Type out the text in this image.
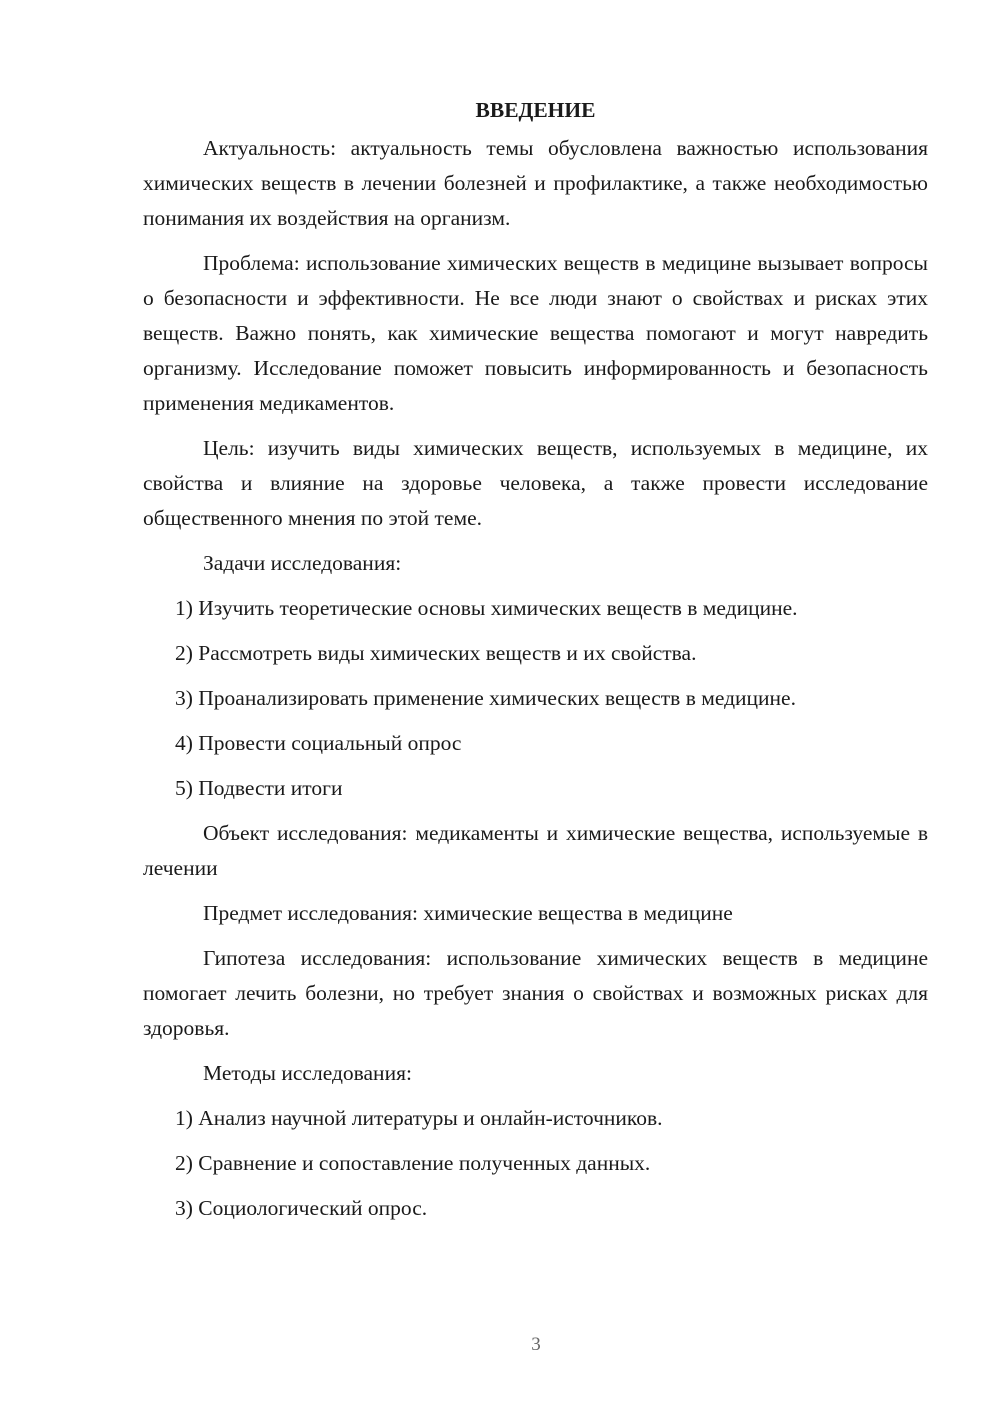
ВВЕДЕНИЕ

Актуальность: актуальность темы обусловлена важностью использования химических веществ в лечении болезней и профилактике, а также необходимостью понимания их воздействия на организм.

Проблема: использование химических веществ в медицине вызывает вопросы о безопасности и эффективности. Не все люди знают о свойствах и рисках этих веществ. Важно понять, как химические вещества помогают и могут навредить организму. Исследование поможет повысить информированность и безопасность применения медикаментов.

Цель: изучить виды химических веществ, используемых в медицине, их свойства и влияние на здоровье человека, а также провести исследование общественного мнения по этой теме.

Задачи исследования:

1) Изучить теоретические основы химических веществ в медицине.
2) Рассмотреть виды химических веществ и их свойства.
3) Проанализировать применение химических веществ в медицине.
4) Провести социальный опрос
5) Подвести итоги

Объект исследования: медикаменты и химические вещества, используемые в лечении

Предмет исследования: химические вещества в медицине

Гипотеза исследования: использование химических веществ в медицине помогает лечить болезни, но требует знания о свойствах и возможных рисках для здоровья.

Методы исследования:

1) Анализ научной литературы и онлайн-источников.
2) Сравнение и сопоставление полученных данных.
3) Социологический опрос.
3
